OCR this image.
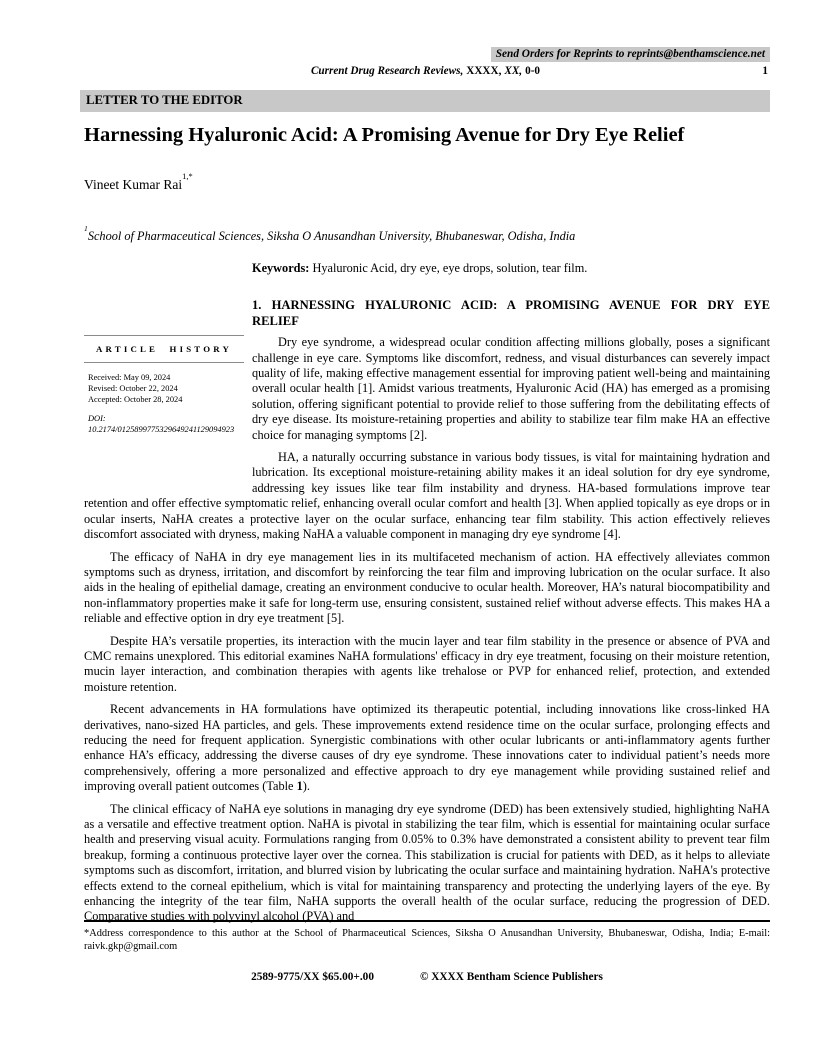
Send Orders for Reprints to reprints@benthamscience.net
Current Drug Research Reviews, XXXX, XX, 0-0	1
LETTER TO THE EDITOR
Harnessing Hyaluronic Acid: A Promising Avenue for Dry Eye Relief
Vineet Kumar Rai$^{1,*}$
$^1$School of Pharmaceutical Sciences, Siksha O Anusandhan University, Bhubaneswar, Odisha, India
ARTICLE HISTORY
Received: May 09, 2024
Revised: October 22, 2024
Accepted: October 28, 2024
DOI:
10.2174/0125899775329649241129094923

Keywords: Hyaluronic Acid, dry eye, eye drops, solution, tear film.

1. HARNESSING HYALURONIC ACID: A PROMISING AVENUE FOR DRY EYE
RELIEF

Dry eye syndrome, a widespread ocular condition affecting millions globally, poses a significant challenge in eye care. Symptoms like discomfort, redness, and visual disturbances can severely impact quality of life, making effective management essential for improving patient well-being and maintaining overall ocular health [1]. Amidst various treatments, Hyaluronic Acid (HA) has emerged as a promising solution, offering significant potential to provide relief to those suffering from the debilitating effects of dry eye disease. Its moisture-retaining properties and ability to stabilize tear film make HA an effective choice for managing symptoms [2].

HA, a naturally occurring substance in various body tissues, is vital for maintaining hydration and lubrication. Its exceptional moisture-retaining ability makes it an ideal solution for dry eye syndrome, addressing key issues like tear film instability and dryness. HA-based formulations improve tear retention and offer effective symptomatic relief, enhancing overall ocular comfort and health [3]. When applied topically as eye drops or in ocular inserts, NaHA creates a protective layer on the ocular surface, enhancing tear film stability. This action effectively relieves discomfort associated with dryness, making NaHA a valuable component in managing dry eye syndrome [4].

The efficacy of NaHA in dry eye management lies in its multifaceted mechanism of action. HA effectively alleviates common symptoms such as dryness, irritation, and discomfort by reinforcing the tear film and improving lubrication on the ocular surface. It also aids in the healing of epithelial damage, creating an environment conducive to ocular health. Moreover, HA’s natural biocompatibility and non-inflammatory properties make it safe for long-term use, ensuring consistent, sustained relief without adverse effects. This makes HA a reliable and effective option in dry eye treatment [5].

Despite HA’s versatile properties, its interaction with the mucin layer and tear film stability in the presence or absence of PVA and CMC remains unexplored. This editorial examines NaHA formulations' efficacy in dry eye treatment, focusing on their moisture retention, mucin layer interaction, and combination therapies with agents like trehalose or PVP for enhanced relief, protection, and extended moisture retention.

Recent advancements in HA formulations have optimized its therapeutic potential, including innovations like cross-linked HA derivatives, nano-sized HA particles, and gels. These improvements extend residence time on the ocular surface, prolonging effects and reducing the need for frequent application. Synergistic combinations with other ocular lubricants or anti-inflammatory agents further enhance HA’s efficacy, addressing the diverse causes of dry eye syndrome. These innovations cater to individual patient’s needs more comprehensively, offering a more personalized and effective approach to dry eye management while providing sustained relief and improving overall patient outcomes (Table 1).

The clinical efficacy of NaHA eye solutions in managing dry eye syndrome (DED) has been extensively studied, highlighting NaHA as a versatile and effective treatment option. NaHA is pivotal in stabilizing the tear film, which is essential for maintaining ocular surface health and preserving visual acuity. Formulations ranging from 0.05% to 0.3% have demonstrated a consistent ability to prevent tear film breakup, forming a continuous protective layer over the cornea. This stabilization is crucial for patients with DED, as it helps to alleviate symptoms such as discomfort, irritation, and blurred vision by lubricating the ocular surface and maintaining hydration. NaHA's protective effects extend to the corneal epithelium, which is vital for maintaining transparency and protecting the underlying layers of the eye. By enhancing the integrity of the tear film, NaHA supports the overall health of the ocular surface, reducing the progression of DED. Comparative studies with polyvinyl alcohol (PVA) and

*Address correspondence to this author at the School of Pharmaceutical Sciences, Siksha O Anusandhan University, Bhubaneswar, Odisha, India; E-mail: raivk.gkp@gmail.com
2589-9775/XX $65.00+.00	© XXXX Bentham Science Publishers
